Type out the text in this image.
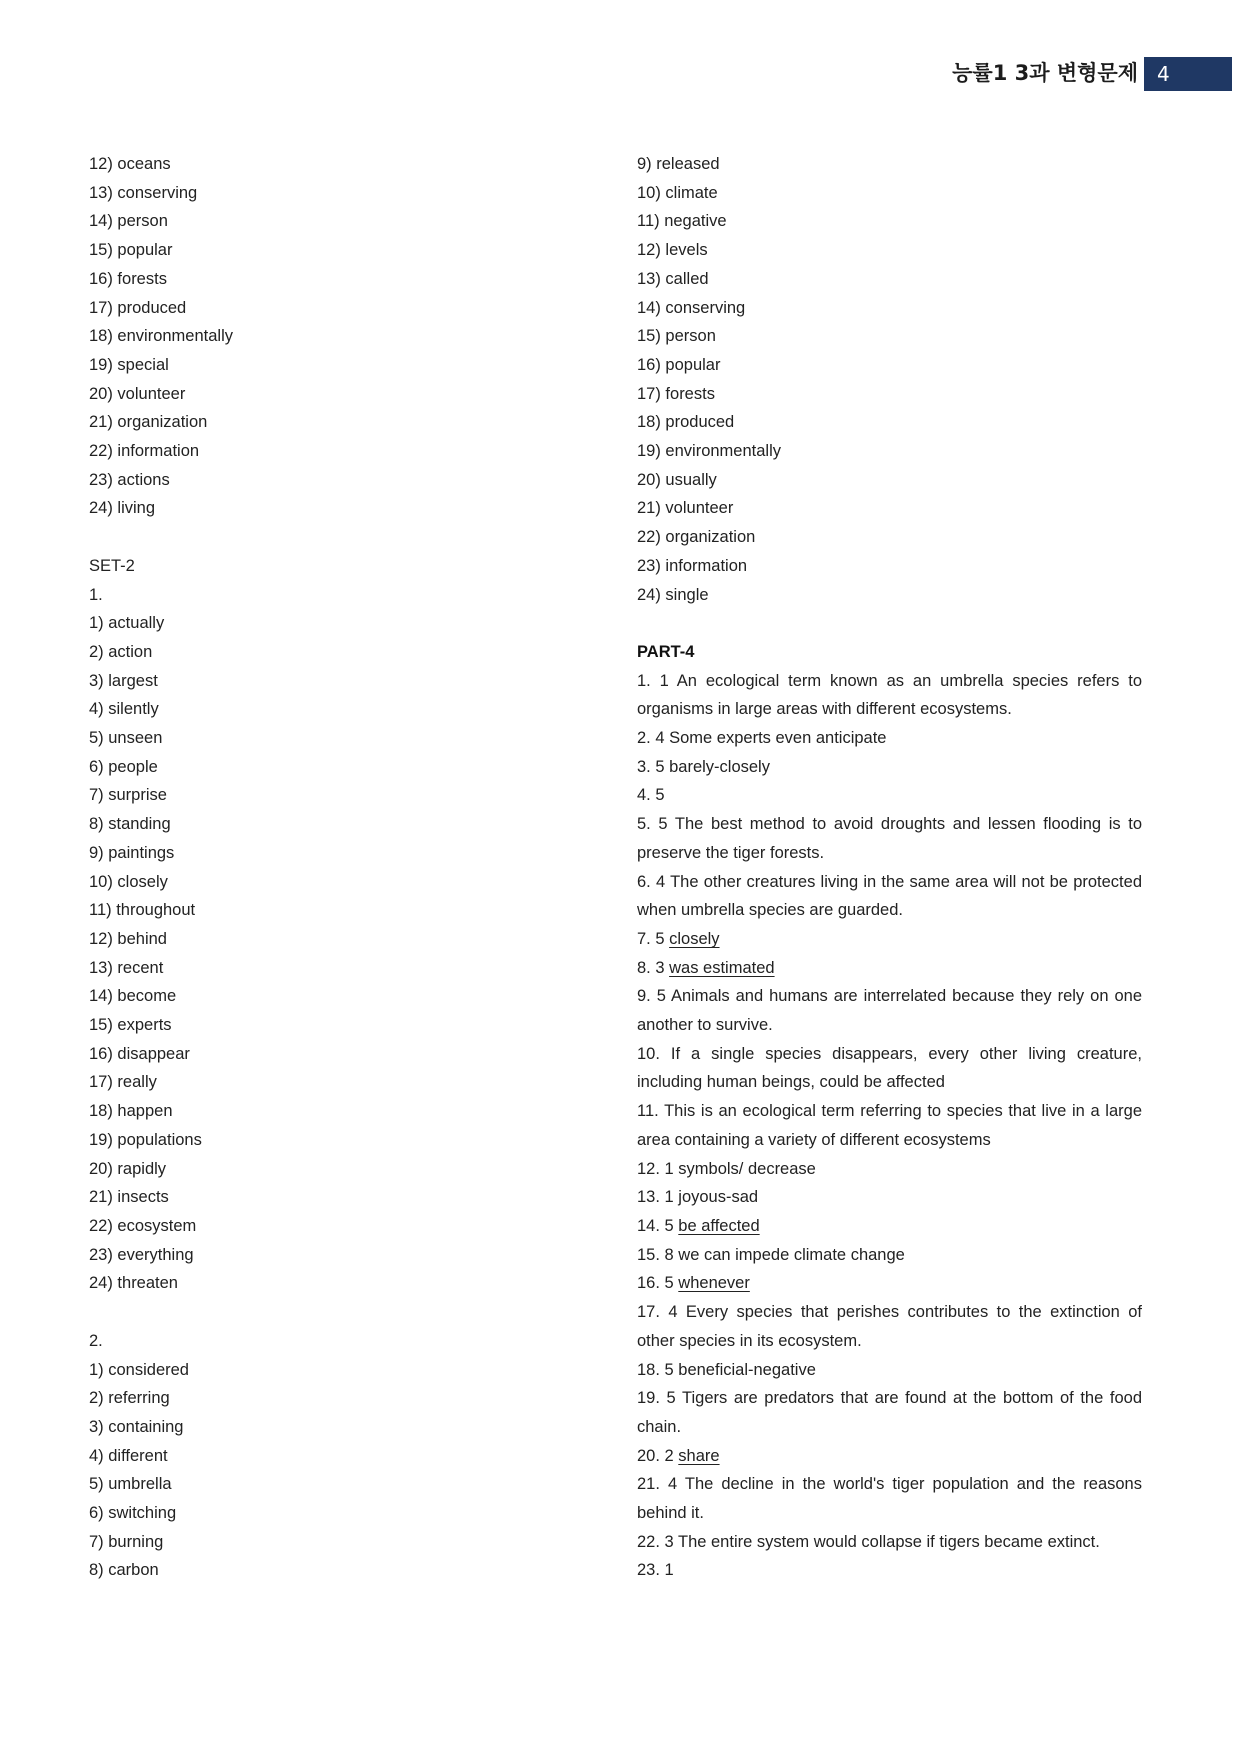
능률1 3과 변형문제 4
12) oceans
13) conserving
14) person
15) popular
16) forests
17) produced
18) environmentally
19) special
20) volunteer
21) organization
22) information
23) actions
24) living
SET-2
1.
1) actually
2) action
3) largest
4) silently
5) unseen
6) people
7) surprise
8) standing
9) paintings
10) closely
11) throughout
12) behind
13) recent
14) become
15) experts
16) disappear
17) really
18) happen
19) populations
20) rapidly
21) insects
22) ecosystem
23) everything
24) threaten
2.
1) considered
2) referring
3) containing
4) different
5) umbrella
6) switching
7) burning
8) carbon
9) released
10) climate
11) negative
12) levels
13) called
14) conserving
15) person
16) popular
17) forests
18) produced
19) environmentally
20) usually
21) volunteer
22) organization
23) information
24) single
PART-4
1. 1 An ecological term known as an umbrella species refers to organisms in large areas with different ecosystems.
2. 4 Some experts even anticipate
3. 5 barely-closely
4. 5
5. 5 The best method to avoid droughts and lessen flooding is to preserve the tiger forests.
6. 4 The other creatures living in the same area will not be protected when umbrella species are guarded.
7. 5 closely
8. 3 was estimated
9. 5 Animals and humans are interrelated because they rely on one another to survive.
10. If a single species disappears, every other living creature, including human beings, could be affected
11. This is an ecological term referring to species that live in a large area containing a variety of different ecosystems
12. 1 symbols/ decrease
13. 1 joyous-sad
14. 5 be affected
15. 8 we can impede climate change
16. 5 whenever
17. 4 Every species that perishes contributes to the extinction of other species in its ecosystem.
18. 5 beneficial-negative
19. 5 Tigers are predators that are found at the bottom of the food chain.
20. 2 share
21. 4 The decline in the world's tiger population and the reasons behind it.
22. 3 The entire system would collapse if tigers became extinct.
23. 1
